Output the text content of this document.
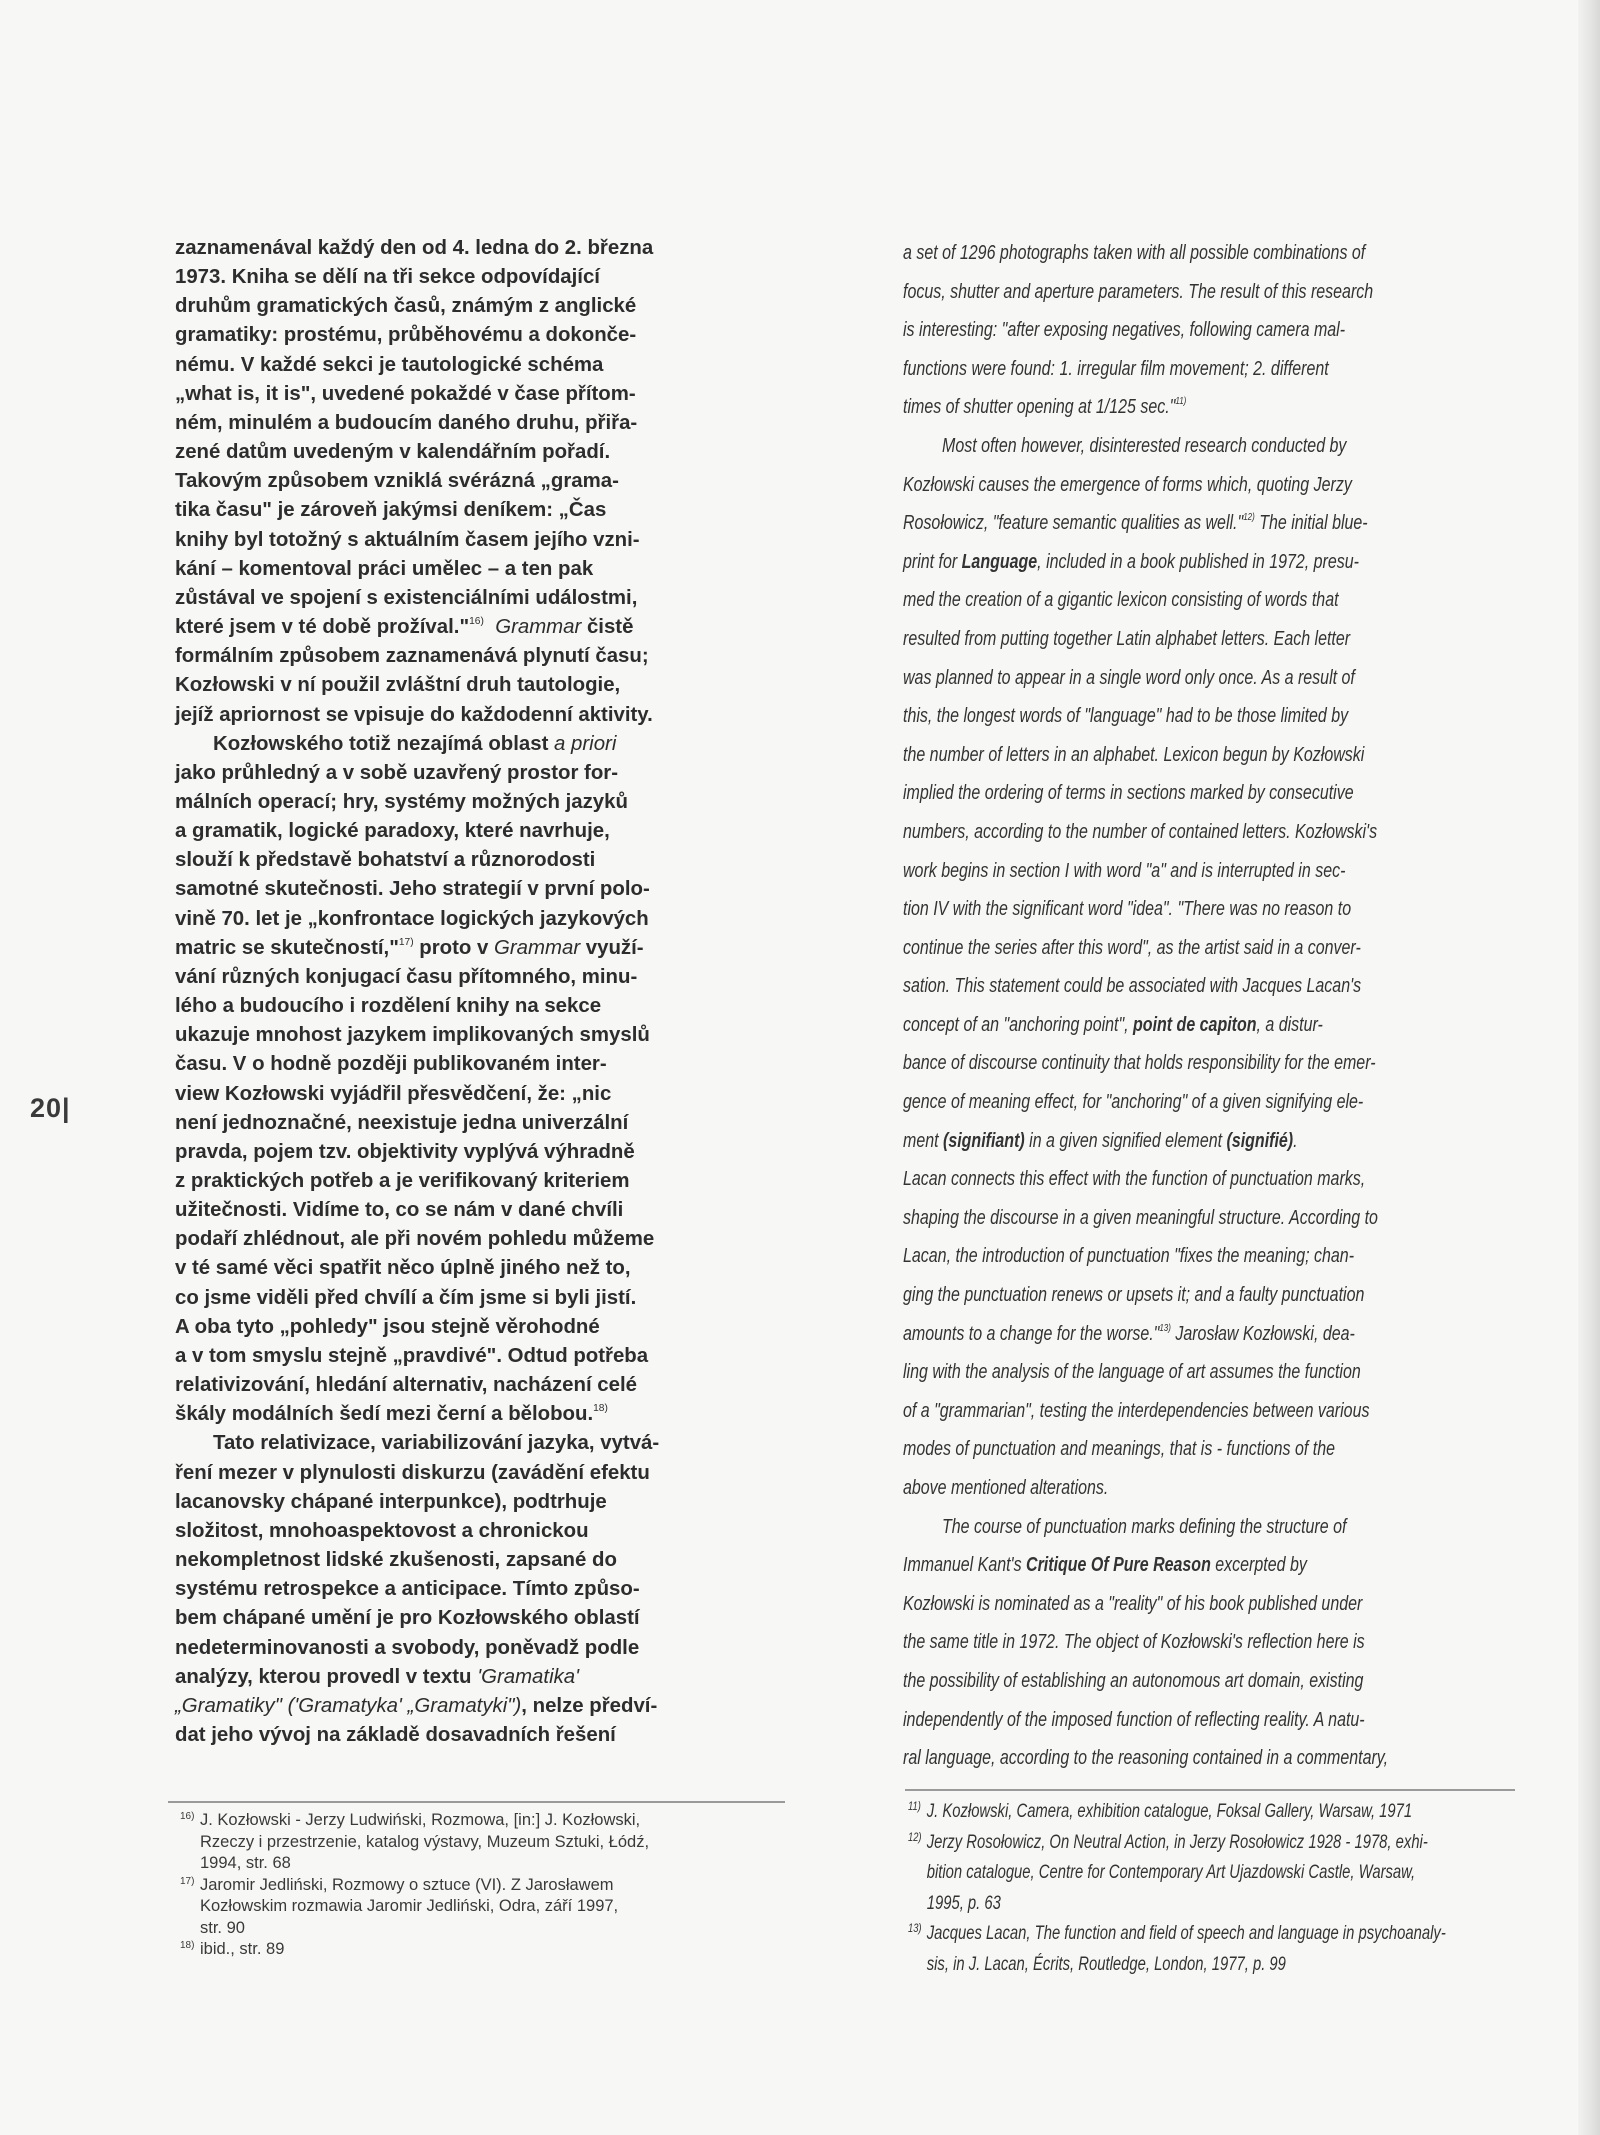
20|

zaznamenával každý den od 4. ledna do 2. března
1973. Kniha se dělí na tři sekce odpovídající
druhům gramatických časů, známým z anglické
gramatiky: prostému, průběhovému a dokonče-
nému. V každé sekci je tautologické schéma
„what is, it is", uvedené pokaždé v čase přítom-
ném, minulém a budoucím daného druhu, přiřa-
zené datům uvedeným v kalendářním pořadí.
Takovým způsobem vzniklá svérázná „grama-
tika času" je zároveň jakýmsi deníkem: „Čas
knihy byl totožný s aktuálním časem jejího vzni-
kání – komentoval práci umělec – a ten pak
zůstával ve spojení s existenciálními událostmi,
které jsem v té době prožíval."$^{16)}$ Grammar čistě
formálním způsobem zaznamenává plynutí času;
Kozłowski v ní použil zvláštní druh tautologie,
jejíž apriornost se vpisuje do každodenní aktivity.

Kozłowského totiž nezajímá oblast a priori
jako průhledný a v sobě uzavřený prostor for-
málních operací; hry, systémy možných jazyků
a gramatik, logické paradoxy, které navrhuje,
slouží k představě bohatství a různorodosti
samotné skutečnosti. Jeho strategií v první polo-
vině 70. let je „konfrontace logických jazykových
matric se skutečností,"$^{17)}$ proto v Grammar využí-
vání různých konjugací času přítomného, minu-
lého a budoucího i rozdělení knihy na sekce
ukazuje mnohost jazykem implikovaných smyslů
času. V o hodně později publikovaném inter-
view Kozłowski vyjádřil přesvědčení, že: „nic
není jednoznačné, neexistuje jedna univerzální
pravda, pojem tzv. objektivity vyplývá výhradně
z praktických potřeb a je verifikovaný kriteriem
užitečnosti. Vidíme to, co se nám v dané chvíli
podaří zhlédnout, ale při novém pohledu můžeme
v té samé věci spatřit něco úplně jiného než to,
co jsme viděli před chvílí a čím jsme si byli jistí.
A oba tyto „pohledy" jsou stejně věrohodné
a v tom smyslu stejně „pravdivé". Odtud potřeba
relativizování, hledání alternativ, nacházení celé
škály modálních šedí mezi černí a bělobou.$^{18)}$

Tato relativizace, variabilizování jazyka, vytvá-
ření mezer v plynulosti diskurzu (zavádění efektu
lacanovsky chápané interpunkce), podtrhuje
složitost, mnohoaspektovost a chronickou
nekompletnost lidské zkušenosti, zapsané do
systému retrospekce a anticipace. Tímto způso-
bem chápané umění je pro Kozłowského oblastí
nedeterminovanosti a svobody, poněvadž podle
analýzy, kterou provedl v textu 'Gramatika'
„Gramatiky" ('Gramatyka' „Gramatyki"), nelze předví-
dat jeho vývoj na základě dosavadních řešení

a set of 1296 photographs taken with all possible combinations of
focus, shutter and aperture parameters. The result of this research
is interesting: "after exposing negatives, following camera mal-
functions were found: 1. irregular film movement; 2. different
times of shutter opening at 1/125 sec."$^{11)}$

Most often however, disinterested research conducted by
Kozłowski causes the emergence of forms which, quoting Jerzy
Rosołowicz, "feature semantic qualities as well."$^{12)}$ The initial blue-
print for Language, included in a book published in 1972, presu-
med the creation of a gigantic lexicon consisting of words that
resulted from putting together Latin alphabet letters. Each letter
was planned to appear in a single word only once. As a result of
this, the longest words of "language" had to be those limited by
the number of letters in an alphabet. Lexicon begun by Kozłowski
implied the ordering of terms in sections marked by consecutive
numbers, according to the number of contained letters. Kozłowski's
work begins in section I with word "a" and is interrupted in sec-
tion IV with the significant word "idea". "There was no reason to
continue the series after this word", as the artist said in a conver-
sation. This statement could be associated with Jacques Lacan's
concept of an "anchoring point", point de capiton, a distur-
bance of discourse continuity that holds responsibility for the emer-
gence of meaning effect, for "anchoring" of a given signifying ele-
ment (signifiant) in a given signified element (signifié).
Lacan connects this effect with the function of punctuation marks,
shaping the discourse in a given meaningful structure. According to
Lacan, the introduction of punctuation "fixes the meaning; chan-
ging the punctuation renews or upsets it; and a faulty punctuation
amounts to a change for the worse."$^{13)}$ Jarosław Kozłowski, dea-
ling with the analysis of the language of art assumes the function
of a "grammarian", testing the interdependencies between various
modes of punctuation and meanings, that is - functions of the
above mentioned alterations.

The course of punctuation marks defining the structure of
Immanuel Kant's Critique Of Pure Reason excerpted by
Kozłowski is nominated as a "reality" of his book published under
the same title in 1972. The object of Kozłowski's reflection here is
the possibility of establishing an autonomous art domain, existing
independently of the imposed function of reflecting reality. A natu-
ral language, according to the reasoning contained in a commentary,

16) J. Kozłowski - Jerzy Ludwiński, Rozmowa, [in:] J. Kozłowski,
Rzeczy i przestrzenie, katalog výstavy, Muzeum Sztuki, Łódź,
1994, str. 68
17) Jaromir Jedliński, Rozmowy o sztuce (VI). Z Jarosławem
Kozłowskim rozmawia Jaromir Jedliński, Odra, září 1997,
str. 90
18) ibid., str. 89
11) J. Kozłowski, Camera, exhibition catalogue, Foksal Gallery, Warsaw, 1971
12) Jerzy Rosołowicz, On Neutral Action, in Jerzy Rosołowicz 1928 - 1978, exhi-
bition catalogue, Centre for Contemporary Art Ujazdowski Castle, Warsaw,
1995, p. 63
13) Jacques Lacan, The function and field of speech and language in psychoanaly-
sis, in J. Lacan, Écrits, Routledge, London, 1977, p. 99
